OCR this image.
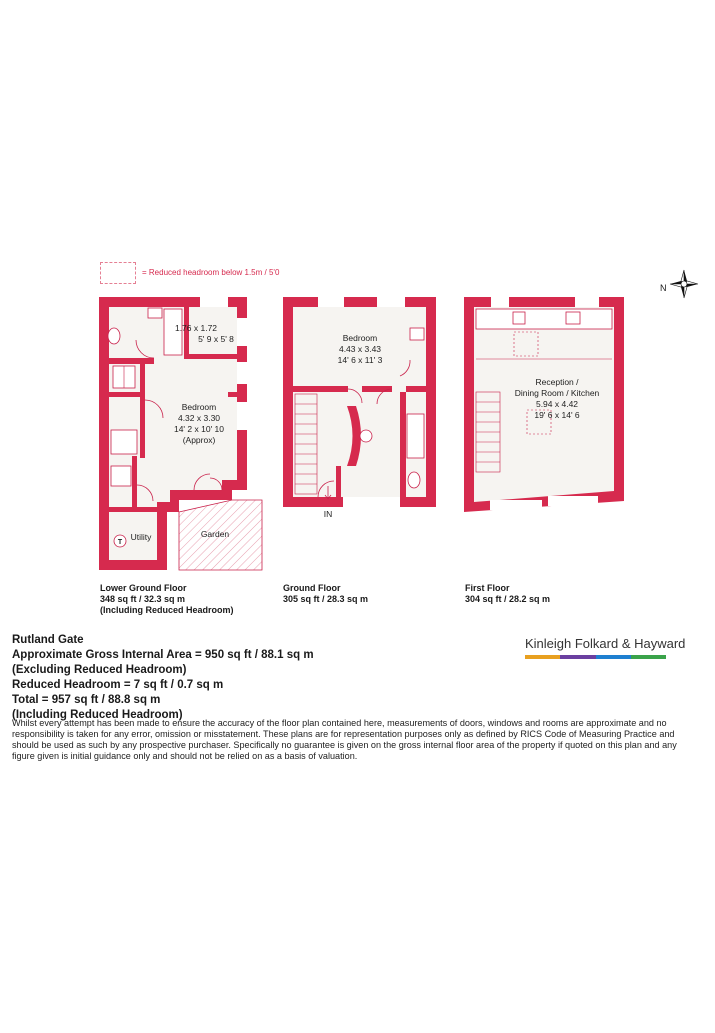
= Reduced headroom below 1.5m / 5'0
T
1.76 x 1.72
5' 9 x 5' 8
Bedroom
4.32 x 3.30
14' 2 x 10' 10
(Approx)
Utility	Garden
Bedroom
4.43 x 3.43
14' 6 x 11' 3
IN
Reception /
Dining Room / Kitchen
5.94 x 4.42
19' 6 x 14' 6
N
Lower Ground Floor
348 sq ft / 32.3 sq m
(Including Reduced Headroom)
Ground Floor
305 sq ft / 28.3 sq m
First Floor
304 sq ft / 28.2 sq m
Rutland Gate
Approximate Gross Internal Area = 950 sq ft / 88.1 sq m
(Excluding Reduced Headroom)
Reduced Headroom = 7 sq ft / 0.7 sq m
Total = 957 sq ft / 88.8 sq m
(Including Reduced Headroom)
Kinleigh Folkard & Hayward
Whilst every attempt has been made to ensure the accuracy of the floor plan contained here, measurements of doors, windows and rooms are approximate and no responsibility is taken for any error, omission or misstatement. These plans are for representation purposes only as defined by RICS Code of Measuring Practice and should be used as such by any prospective purchaser. Specifically no guarantee is given on the gross internal floor area of the property if quoted on this plan and any figure given is initial guidance only and should not be relied on as a basis of valuation.
